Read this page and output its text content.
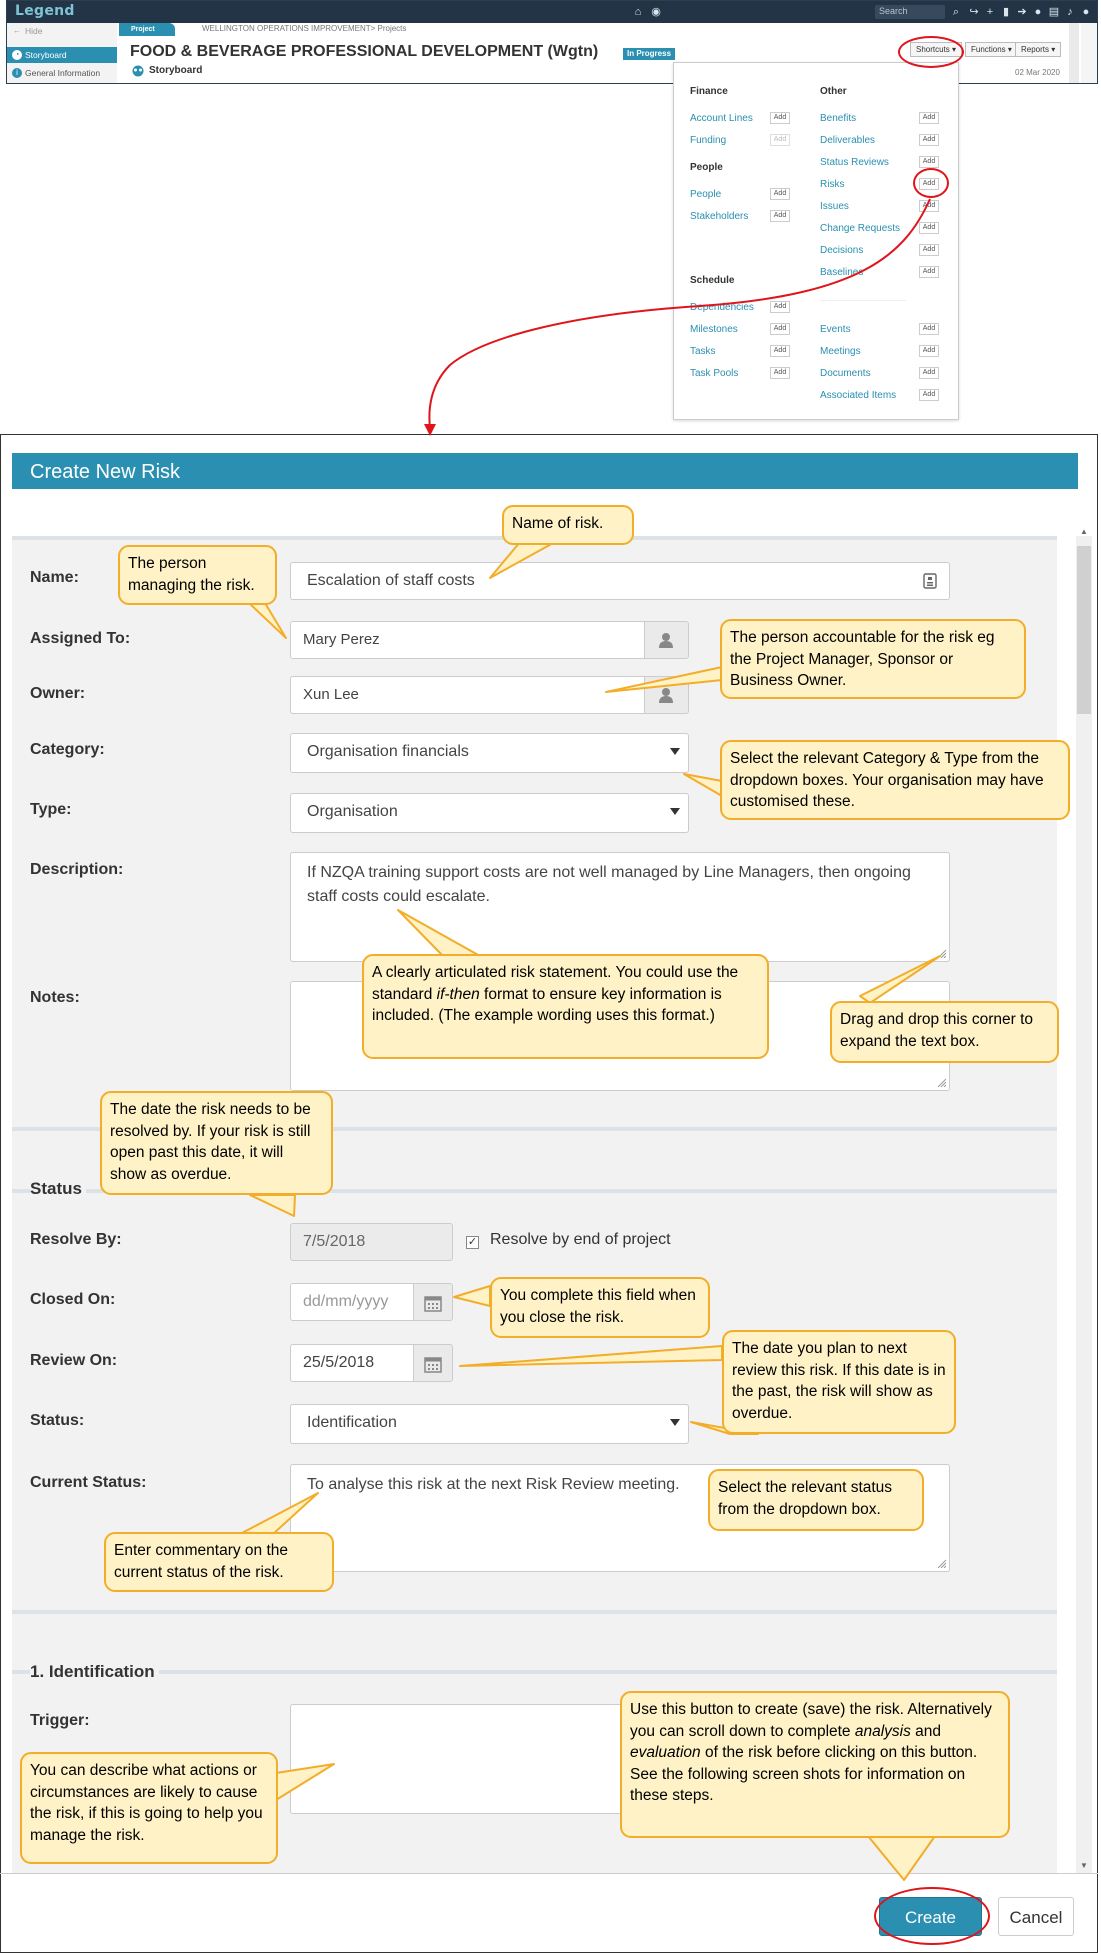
Legend	⌂ ◉	Search	⌕ ↪ + ▮ ➔ ● ▤ ♪ ●
← Hide
◔ Storyboard
i General Information
Project	WELLINGTON OPERATIONS IMPROVEMENT> Projects
FOOD & BEVERAGE PROFESSIONAL DEVELOPMENT (Wgtn)	In Progress
Storyboard
Shortcuts ▾	Functions ▾	Reports ▾
02 Mar 2020
Finance
Account Lines	Add
Funding	Add
People
People	Add
Stakeholders	Add
Schedule
Dependencies	Add
Milestones	Add
Tasks	Add
Task Pools	Add
Other
Benefits	Add
Deliverables	Add
Status Reviews	Add
Risks	Add
Issues	Add
Change Requests	Add
Decisions	Add
Baselines	Add
Events	Add
Meetings	Add
Documents	Add
Associated Items	Add
Create New Risk
▲
▼
Name:	Escalation of staff costs
Assigned To:	Mary Perez
Owner:	Xun Lee
Category:	Organisation financials
Type:	Organisation
Description:	If NZQA training support costs are not well managed by Line Managers, then ongoing staff costs could escalate.
Notes:
Status
Resolve By:	7/5/2018	✓ Resolve by end of project
Closed On:	dd/mm/yyyy
Review On:	25/5/2018
Status:	Identification
Current Status:	To analyse this risk at the next Risk Review meeting.
1. Identification
Trigger:
Create	Cancel
Name of risk.
The person managing the risk.
The person accountable for the risk eg the Project Manager, Sponsor or Business Owner.
Select the relevant Category & Type from the dropdown boxes. Your organisation may have customised these.
A clearly articulated risk statement. You could use the standard if-then format to ensure key information is included. (The example wording uses this format.)	Drag and drop this corner to expand the text box.
The date the risk needs to be resolved by. If your risk is still open past this date, it will show as overdue.
You complete this field when you close the risk.
The date you plan to next review this risk. If this date is in the past, the risk will show as overdue.
Select the relevant status from the dropdown box.
Enter commentary on the current status of the risk.
You can describe what actions or circumstances are likely to cause the risk, if this is going to help you manage the risk.
Use this button to create (save) the risk. Alternatively you can scroll down to complete analysis and evaluation of the risk before clicking on this button. See the following screen shots for information on these steps.
